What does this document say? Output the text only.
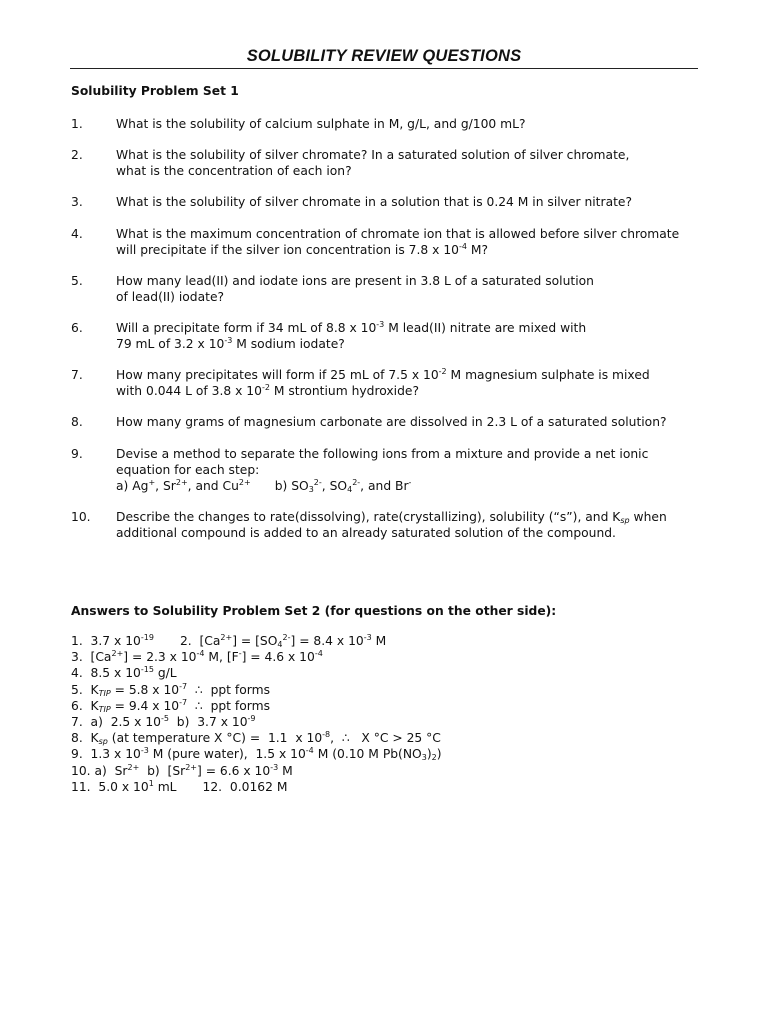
SOLUBILITY REVIEW QUESTIONS
Solubility Problem Set 1
1.	What is the solubility of calcium sulphate in M, g/L, and g/100 mL?
2.	What is the solubility of silver chromate? In a saturated solution of silver chromate,
what is the concentration of each ion?
3.	What is the solubility of silver chromate in a solution that is 0.24 M in silver nitrate?
4.	What is the maximum concentration of chromate ion that is allowed before silver chromate
will precipitate if the silver ion concentration is 7.8 x $10^{-4}$ M?
5.	How many lead(II) and iodate ions are present in 3.8 L of a saturated solution
of lead(II) iodate?
6.	Will a precipitate form if 34 mL of 8.8 x $10^{-3}$ M lead(II) nitrate are mixed with
79 mL of 3.2 x $10^{-3}$ M sodium iodate?
7.	How many precipitates will form if 25 mL of 7.5 x $10^{-2}$ M magnesium sulphate is mixed
with 0.044 L of 3.8 x $10^{-2}$ M strontium hydroxide?
8.	How many grams of magnesium carbonate are dissolved in 2.3 L of a saturated solution?
9.	Devise a method to separate the following ions from a mixture and provide a net ionic
equation for each step:
a) Ag+, $Sr^{2+}$, and $Cu^{2+}$ b) $SO_3^{2-}$, $SO_4^{2-}$, and Br-
10. Describe the changes to rate(dissolving), rate(crystallizing), solubility (“s”), and $K_{sp}$ when
additional compound is added to an already saturated solution of the compound.
Answers to Solubility Problem Set 2 (for questions on the other side):
1.  3.7 x $10^{-19}$ 2.  $[Ca^{2+}] = [SO_4^{2-}] = 8.4$ x $10^{-3}$ M
3.  $[Ca^{2+}] = 2.3$ x $10^{-4}$ M, [F-] = 4.6 x $10^{-4}$
4.  8.5 x $10^{-15}$ g/L
5.  $K_{TIP} = 5.8$ x $10^{-7}$  ∴  ppt forms
6.  $K_{TIP} = 9.4$ x $10^{-7}$  ∴  ppt forms
7.  a)  2.5 x $10^{-5}$  b)  3.7 x $10^{-9}$
8.  $K_{sp}$ (at temperature X °C) =  1.1  x $10^{-8}$,  ∴   X °C > 25 °C
9.  1.3 x $10^{-3}$ M (pure water),  1.5 x $10^{-4}$ M (0.10 M $Pb(NO_3)_2$)
10. a)  $Sr^{2+}$  b)  $[Sr^{2+}] = 6.6$ x $10^{-3}$ M
11.  5.0 x $10^1$ mL 12.  0.0162 M
